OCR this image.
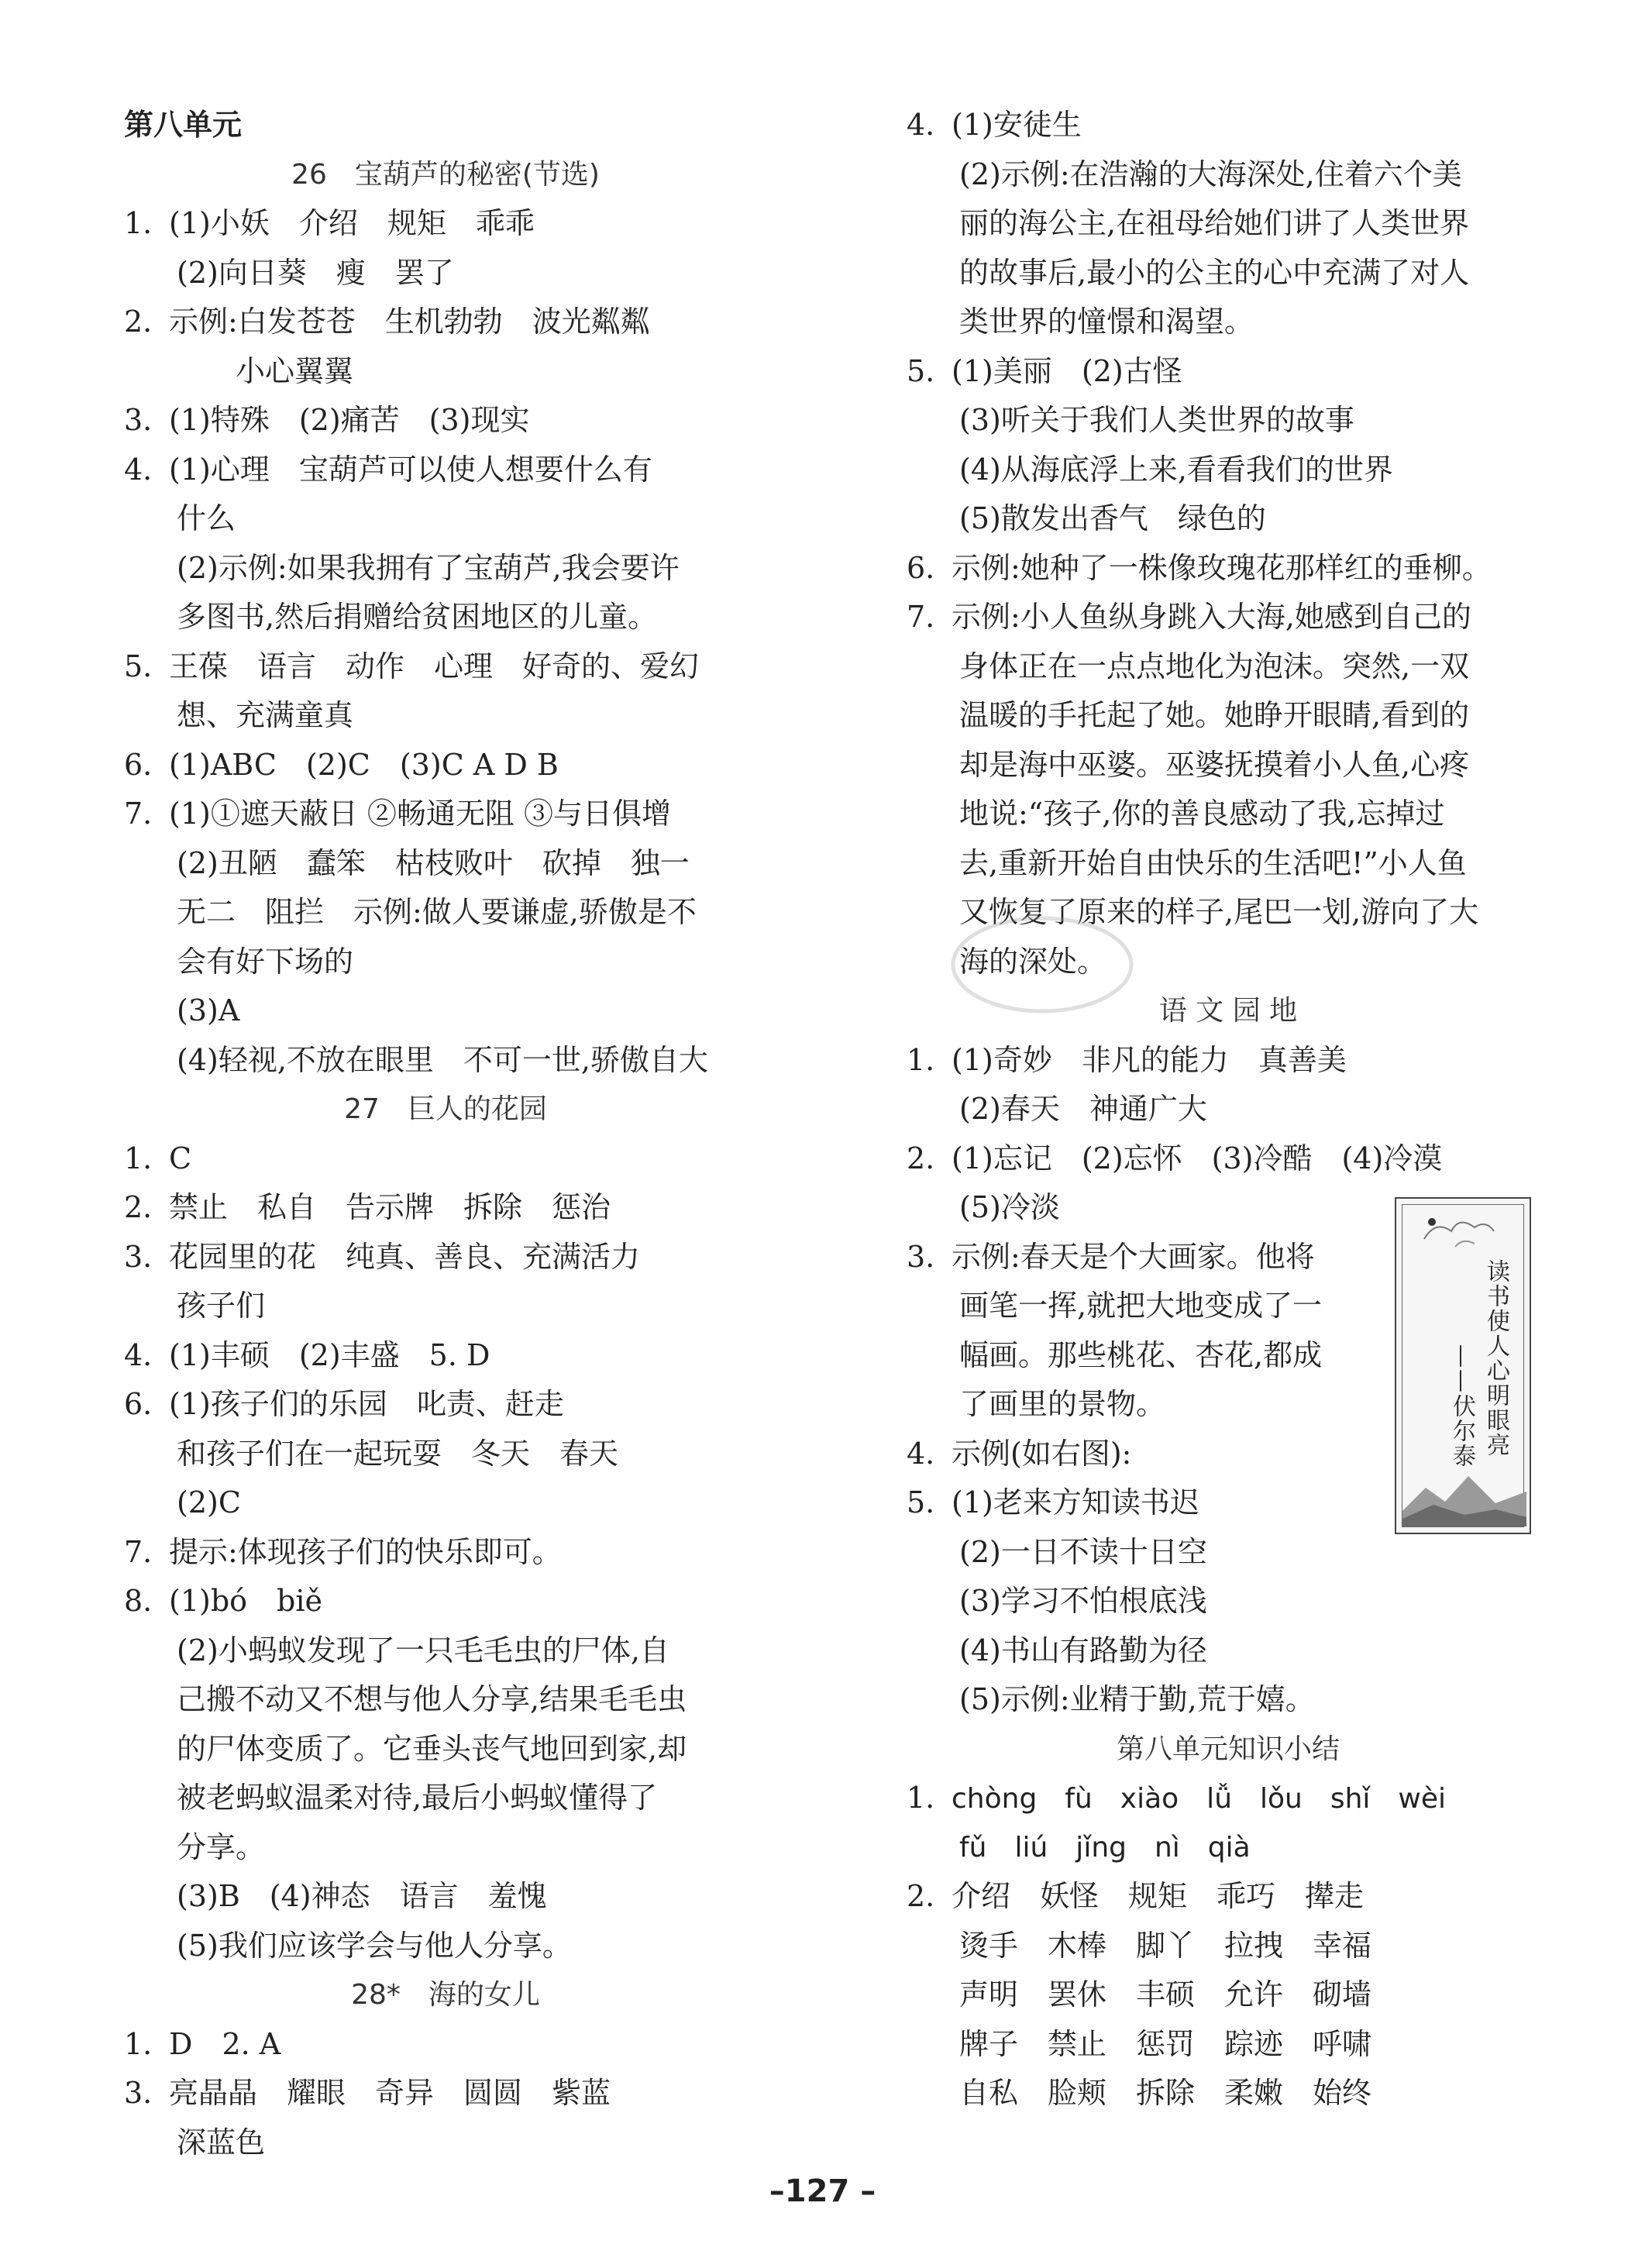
第八单元
26　宝葫芦的秘密(节选)
1. (1)小妖　介绍　规矩　乖乖
(2)向日葵　瘦　罢了
2. 示例:白发苍苍　生机勃勃　波光粼粼
　　小心翼翼
3. (1)特殊　(2)痛苦　(3)现实
4. (1)心理　宝葫芦可以使人想要什么有
什么
(2)示例:如果我拥有了宝葫芦,我会要许
多图书,然后捐赠给贫困地区的儿童。
5. 王葆　语言　动作　心理　好奇的、爱幻
想、充满童真
6. (1)ABC　(2)C　(3)C A D B
7. (1)①遮天蔽日 ②畅通无阻 ③与日俱增
(2)丑陋　蠢笨　枯枝败叶　砍掉　独一
无二　阻拦　示例:做人要谦虚,骄傲是不
会有好下场的
(3)A
(4)轻视,不放在眼里　不可一世,骄傲自大
27　巨人的花园
1. C
2. 禁止　私自　告示牌　拆除　惩治
3. 花园里的花　纯真、善良、充满活力
孩子们
4. (1)丰硕　(2)丰盛　5. D
6. (1)孩子们的乐园　叱责、赶走
和孩子们在一起玩耍　冬天　春天
(2)C
7. 提示:体现孩子们的快乐即可。
8. (1)bó　biě
(2)小蚂蚁发现了一只毛毛虫的尸体,自
己搬不动又不想与他人分享,结果毛毛虫
的尸体变质了。它垂头丧气地回到家,却
被老蚂蚁温柔对待,最后小蚂蚁懂得了
分享。
(3)B　(4)神态　语言　羞愧
(5)我们应该学会与他人分享。
28*　海的女儿
1. D　2. A
3. 亮晶晶　耀眼　奇异　圆圆　紫蓝
深蓝色
4. (1)安徒生
(2)示例:在浩瀚的大海深处,住着六个美
丽的海公主,在祖母给她们讲了人类世界
的故事后,最小的公主的心中充满了对人
类世界的憧憬和渴望。
5. (1)美丽　(2)古怪
(3)听关于我们人类世界的故事
(4)从海底浮上来,看看我们的世界
(5)散发出香气　绿色的
6. 示例:她种了一株像玫瑰花那样红的垂柳。
7. 示例:小人鱼纵身跳入大海,她感到自己的
身体正在一点点地化为泡沫。突然,一双
温暖的手托起了她。她睁开眼睛,看到的
却是海中巫婆。巫婆抚摸着小人鱼,心疼
地说:“孩子,你的善良感动了我,忘掉过
去,重新开始自由快乐的生活吧!”小人鱼
又恢复了原来的样子,尾巴一划,游向了大
海的深处。
语 文 园 地
1. (1)奇妙　非凡的能力　真善美
(2)春天　神通广大
2. (1)忘记　(2)忘怀　(3)冷酷　(4)冷漠
(5)冷淡
3. 示例:春天是个大画家。他将
画笔一挥,就把大地变成了一
幅画。那些桃花、杏花,都成
了画里的景物。
4. 示例(如右图):
5. (1)老来方知读书迟
(2)一日不读十日空
(3)学习不怕根底浅
(4)书山有路勤为径
(5)示例:业精于勤,荒于嬉。
第八单元知识小结
1. chòng　fù　xiào　lǚ　lǒu　shǐ　wèi
fǔ　liú　jǐng　nì　qià
2. 介绍　妖怪　规矩　乖巧　撵走
烫手　木棒　脚丫　拉拽　幸福
声明　罢休　丰硕　允许　砌墙
牌子　禁止　惩罚　踪迹　呼啸
自私　脸颊　拆除　柔嫩　始终
读书使人心明眼亮
——伏尔泰
–127 –
